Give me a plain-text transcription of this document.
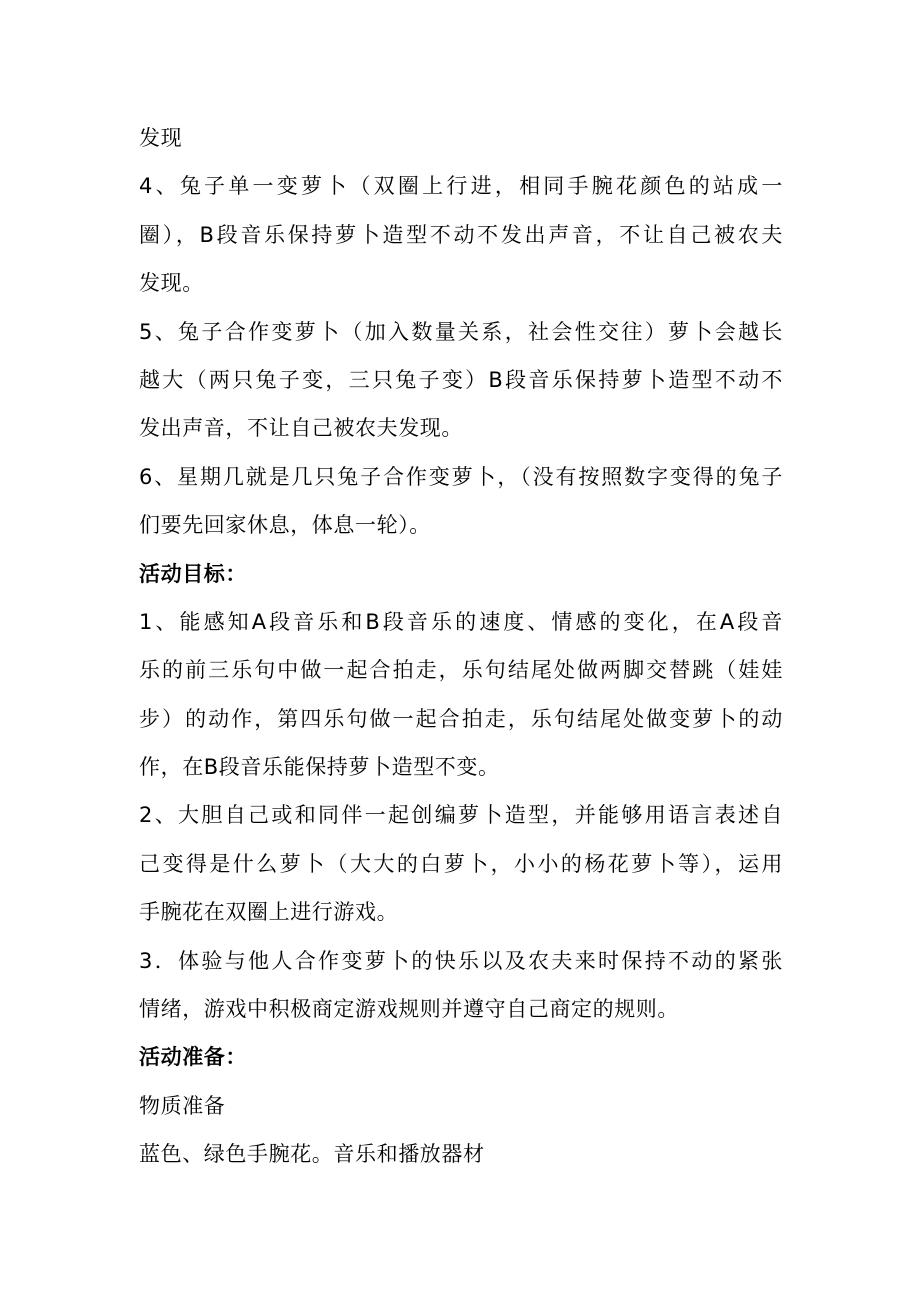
发现
4、兔子单一变萝卜（双圈上行进，相同手腕花颜色的站成一
圈），B段音乐保持萝卜造型不动不发出声音，不让自己被农夫
发现。
5、兔子合作变萝卜（加入数量关系，社会性交往）萝卜会越长
越大（两只兔子变，三只兔子变）B段音乐保持萝卜造型不动不
发出声音，不让自己被农夫发现。
6、星期几就是几只兔子合作变萝卜，（没有按照数字变得的兔子
们要先回家休息，体息一轮）。
活动目标：
1、能感知A段音乐和B段音乐的速度、情感的变化，在A段音
乐的前三乐句中做一起合拍走，乐句结尾处做两脚交替跳（娃娃
步）的动作，第四乐句做一起合拍走，乐句结尾处做变萝卜的动
作，在B段音乐能保持萝卜造型不变。
2、大胆自己或和同伴一起创编萝卜造型，并能够用语言表述自
己变得是什么萝卜（大大的白萝卜，小小的杨花萝卜等），运用
手腕花在双圈上进行游戏。
3．体验与他人合作变萝卜的快乐以及农夫来时保持不动的紧张
情绪，游戏中积极商定游戏规则并遵守自己商定的规则。
活动准备：
物质准备
蓝色、绿色手腕花。音乐和播放器材
